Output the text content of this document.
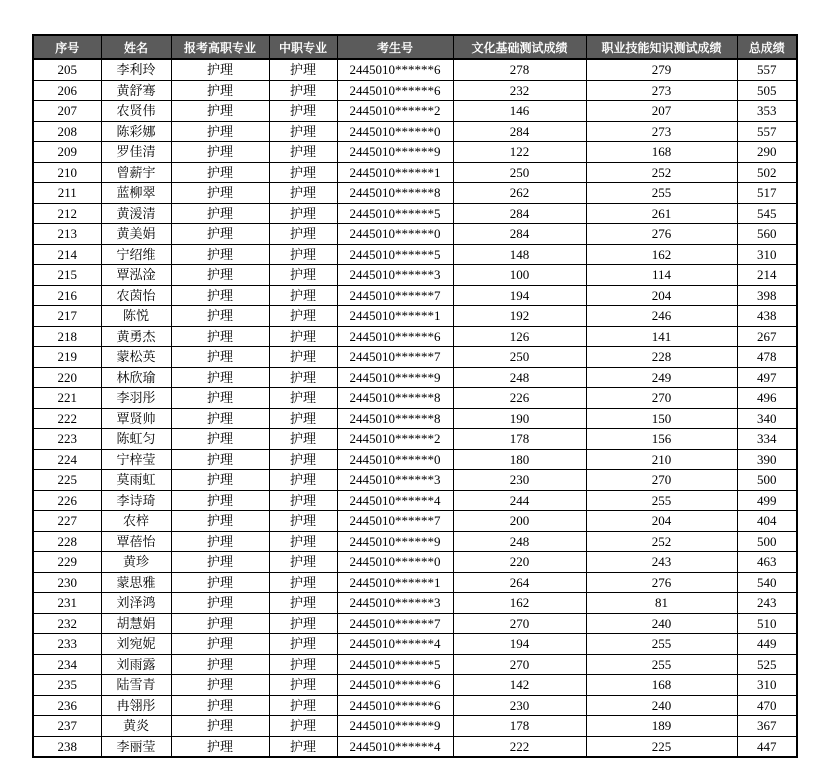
序号	姓名	报考高职专业	中职专业	考生号	文化基础测试成绩	职业技能知识测试成绩	总成绩
205	李利玲	护理	护理	2445010******6	278	279	557
206	黄舒骞	护理	护理	2445010******6	232	273	505
207	农贤伟	护理	护理	2445010******2	146	207	353
208	陈彩娜	护理	护理	2445010******0	284	273	557
209	罗佳清	护理	护理	2445010******9	122	168	290
210	曾薪宇	护理	护理	2445010******1	250	252	502
211	蓝柳翠	护理	护理	2445010******8	262	255	517
212	黄湲清	护理	护理	2445010******5	284	261	545
213	黄美娟	护理	护理	2445010******0	284	276	560
214	宁绍维	护理	护理	2445010******5	148	162	310
215	覃泓淦	护理	护理	2445010******3	100	114	214
216	农茵怡	护理	护理	2445010******7	194	204	398
217	陈悦	护理	护理	2445010******1	192	246	438
218	黄勇杰	护理	护理	2445010******6	126	141	267
219	蒙松英	护理	护理	2445010******7	250	228	478
220	林欣瑜	护理	护理	2445010******9	248	249	497
221	李羽彤	护理	护理	2445010******8	226	270	496
222	覃贤帅	护理	护理	2445010******8	190	150	340
223	陈虹匀	护理	护理	2445010******2	178	156	334
224	宁梓莹	护理	护理	2445010******0	180	210	390
225	莫雨虹	护理	护理	2445010******3	230	270	500
226	李诗琦	护理	护理	2445010******4	244	255	499
227	农梓	护理	护理	2445010******7	200	204	404
228	覃蓓怡	护理	护理	2445010******9	248	252	500
229	黄珍	护理	护理	2445010******0	220	243	463
230	蒙思雅	护理	护理	2445010******1	264	276	540
231	刘泽鸿	护理	护理	2445010******3	162	81	243
232	胡慧娟	护理	护理	2445010******7	270	240	510
233	刘宛妮	护理	护理	2445010******4	194	255	449
234	刘雨露	护理	护理	2445010******5	270	255	525
235	陆雪青	护理	护理	2445010******6	142	168	310
236	冉翎彤	护理	护理	2445010******6	230	240	470
237	黄炎	护理	护理	2445010******9	178	189	367
238	李丽莹	护理	护理	2445010******4	222	225	447
